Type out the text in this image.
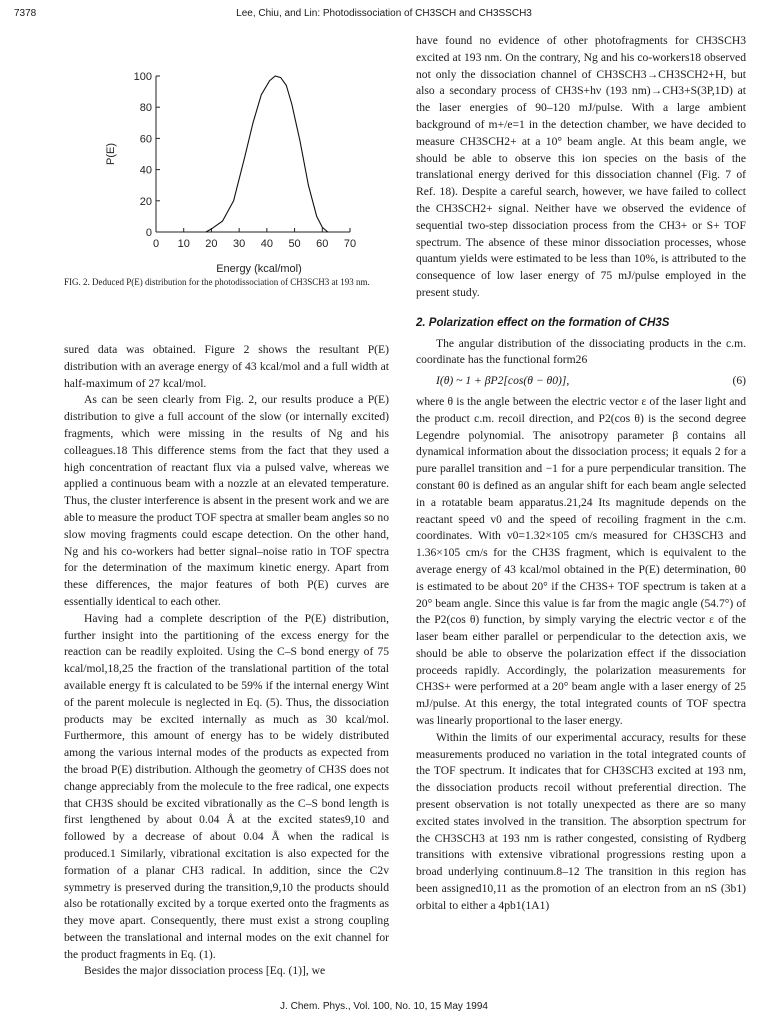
7378	Lee, Chiu, and Lin: Photodissociation of CH3SCH and CH3SSCH3
0 10 20 30 40 50 60 70
0
20
40
60
80
100
Energy (kcal/mol)
P(E)
FIG. 2. Deduced P(E) distribution for the photodissociation of CH3SCH3 at 193 nm.

sured data was obtained. Figure 2 shows the resultant P(E) distribution with an average energy of 43 kcal/mol and a full width at half-maximum of 27 kcal/mol.

As can be seen clearly from Fig. 2, our results produce a P(E) distribution to give a full account of the slow (or internally excited) fragments, which were missing in the results of Ng and his colleagues.18 This difference stems from the fact that they used a high concentration of reactant flux via a pulsed valve, whereas we applied a continuous beam with a nozzle at an elevated temperature. Thus, the cluster interference is absent in the present work and we are able to measure the product TOF spectra at smaller beam angles so no slow moving fragments could escape detection. On the other hand, Ng and his co-workers had better signal–noise ratio in TOF spectra for the determination of the maximum kinetic energy. Apart from these differences, the major features of both P(E) curves are essentially identical to each other.

Having had a complete description of the P(E) distribution, further insight into the partitioning of the excess energy for the reaction can be readily exploited. Using the C–S bond energy of 75 kcal/mol,18,25 the fraction of the translational partition of the total available energy ft is calculated to be 59% if the internal energy Wint of the parent molecule is neglected in Eq. (5). Thus, the dissociation products may be excited internally as much as 30 kcal/mol. Furthermore, this amount of energy has to be widely distributed among the various internal modes of the products as expected from the broad P(E) distribution. Although the geometry of CH3S does not change appreciably from the molecule to the free radical, one expects that CH3S should be excited vibrationally as the C–S bond length is first lengthened by about 0.04 Å at the excited states9,10 and followed by a decrease of about 0.04 Å when the radical is produced.1 Similarly, vibrational excitation is also expected for the formation of a planar CH3 radical. In addition, since the C2v symmetry is preserved during the transition,9,10 the products should also be rotationally excited by a torque exerted onto the fragments as they move apart. Consequently, there must exist a strong coupling between the translational and internal modes on the exit channel for the product fragments in Eq. (1).

Besides the major dissociation process [Eq. (1)], we

have found no evidence of other photofragments for CH3SCH3 excited at 193 nm. On the contrary, Ng and his co-workers18 observed not only the dissociation channel of CH3SCH3→CH3SCH2+H, but also a secondary process of CH3S+hν (193 nm)→CH3+S(3P,1D) at the laser energies of 90–120 mJ/pulse. With a large ambient background of m+/e=1 in the detection chamber, we have decided to measure CH3SCH2+ at a 10° beam angle. At this beam angle, we should be able to observe this ion species on the basis of the translational energy derived for this dissociation channel (Fig. 7 of Ref. 18). Despite a careful search, however, we have failed to collect the CH3SCH2+ signal. Neither have we observed the evidence of sequential two-step dissociation process from the CH3+ or S+ TOF spectrum. The absence of these minor dissociation processes, whose quantum yields were estimated to be less than 10%, is attributed to the consequence of low laser energy of 75 mJ/pulse employed in the present study.

2. Polarization effect on the formation of CH3S

The angular distribution of the dissociating products in the c.m. coordinate has the functional form26

I(θ) ~ 1 + βP2[cos(θ − θ0)],	(6)

where θ is the angle between the electric vector ε of the laser light and the product c.m. recoil direction, and P2(cos θ) is the second degree Legendre polynomial. The anisotropy parameter β contains all dynamical information about the dissociation process; it equals 2 for a pure parallel transition and −1 for a pure perpendicular transition. The constant θ0 is defined as an angular shift for each beam angle selected in a rotatable beam apparatus.21,24 Its magnitude depends on the reactant speed v0 and the speed of recoiling fragment in the c.m. coordinates. With v0=1.32×105 cm/s measured for CH3SCH3 and 1.36×105 cm/s for the CH3S fragment, which is equivalent to the average energy of 43 kcal/mol obtained in the P(E) determination, θ0 is estimated to be about 20° if the CH3S+ TOF spectrum is taken at a 20° beam angle. Since this value is far from the magic angle (54.7°) of the P2(cos θ) function, by simply varying the electric vector ε of the laser beam either parallel or perpendicular to the detection axis, we should be able to observe the polarization effect if the dissociation proceeds rapidly. Accordingly, the polarization measurements for CH3S+ were performed at a 20° beam angle with a laser energy of 25 mJ/pulse. At this energy, the total integrated counts of TOF spectra was linearly proportional to the laser energy.

Within the limits of our experimental accuracy, results for these measurements produced no variation in the total integrated counts of the TOF spectrum. It indicates that for CH3SCH3 excited at 193 nm, the dissociation products recoil without preferential direction. The present observation is not totally unexpected as there are so many excited states involved in the transition. The absorption spectrum for the CH3SCH3 at 193 nm is rather congested, consisting of Rydberg transitions with extensive vibrational progressions resting upon a broad underlying continuum.8–12 The transition in this region has been assigned10,11 as the promotion of an electron from an nS (3b1) orbital to either a 4pb1(1A1)

J. Chem. Phys., Vol. 100, No. 10, 15 May 1994
